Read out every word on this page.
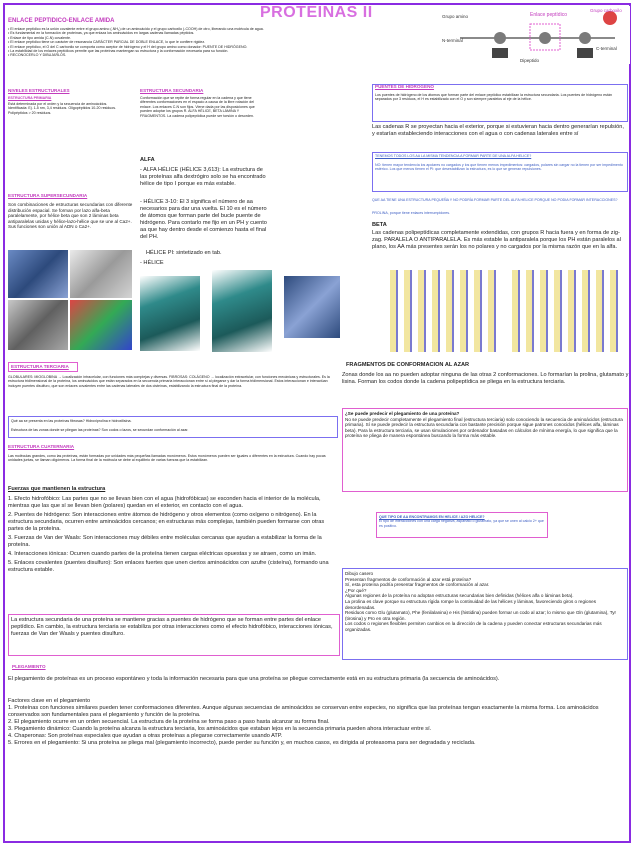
PROTEINAS II
ENLACE PEPTIDICO-ENLACE AMIDA
• El enlace peptídico es la unión covalente entre el grupo amino (-NH₂) de un aminoácido y el grupo carboxilo (-COOH) de otro, liberando una molécula de agua.
• Es fundamental en la formación de proteínas, ya que enlaza los aminoácidos en largas cadenas llamadas péptidos.
• Enlace de tipo amida (C-N) covalente.
• El enlace peptídico tiene un carácter de resonancia CARÁCTER PARCIAL DE DOBLE ENLACE, lo que le confiere rigidez.
• El enlace peptídico, el O del C carbonilo se comporta como aceptor de hidrógeno y el H del grupo amino como donador: PUENTE DE HIDRÓGENO.
• La estabilidad de los enlaces peptídicos permite que las proteínas mantengan su estructura y la conformación necesaria para su función.
• RECONOCERLO Y DIBUJARLOS.
Enlace peptídico
Grupo carboxilo
Grupo amino
N-terminal
C-terminal
Dipeptido
NIVELES ESTRUCTURALES
ESTRUCTURA PRIMARIA
Está determinada por el orden y la secuencia de aminoácidos. Identificada: Ej. 1-5 nm, 3,4 residuos. Oligopéptidos 10-20 residuos. Polipéptidos > 20 residuos.
ESTRUCTURA SUPERSECUNDARIA
Son combinaciones de estructuras secundarias con diferente distribución espacial. Se forman por lazo alfa-beta paralelamente, por hélice beta que son 2 láminas beta antiparalelas unidas y hélice-lazo-hélice que se une al Ca2+. Sus funciones son unión al ADN o Ca2+.
ESTRUCTURA SECUNDARIA
Conformación que se repite de forma regular en la cadena y que tiene diferentes conformaciones en el espacio a causa de la libre rotación del enlace. Los enlaces C-N son fijos. Viene dada por las disposiciones que pueden adoptar los grupos R. ALFA HÉLICE, BETA LÁMINA Y FRAGMENTOS. La cadena polipeptídica puede ser torsión o desorden.
ALFA
- ALFA HÉLICE (HÉLICE 3,613): La estructura de las proteínas alfa dextrógiro solo se ha encontrado hélice de tipo I porque es más estable.
- HÉLICE 3-10: El 3 significa el número de aa necesarios para dar una vuelta. El 10 es el número de átomos que forman parte del bucle puente de hidrógeno. Para contarlo me fijo en un PH y cuento aa que hay dentro desde el comienzo hasta el final del PH.
HÉLICE PI: sintetizado en tab.
- HÉLICE
PUENTES DE HIDROGENO
Los puentes de hidrógeno de los átomos que forman parte del enlace peptídico estabilizan la estructura secundaria. Los puentes de hidrógeno están separados por 3 residuos, el H es estabilizado con el O y son siempre paralelos al eje de la hélice.
Las cadenas R se proyectan hacia el exterior, porque si estuvieran hacia dentro generarían repulsión, y estarían estableciendo interacciones con el agua o con cadenas laterales entre sí
TENEMOS TODOS LOS AA LA MISMA TENDENCIA A FORMAR PARTE DE UNA ALFA HELICE?
NO: tienen mayor tendencia los apolares no cargados y los que tienen menos impedimentos: cargados, polares sin cargar no la tienen por ser impedimento estérico. Los que menos tienen el PI: que desestabilizan la estructura, es lo que se generan repulsiones.
QUE AA TIENE UNA ESTRUCTURA PEQUEÑA Y NO PODRÍA FORMAR PARTE DEL ALFA HELICE PORQUE NO PODIA FORMAR INTERACCIONES?
PROLINA, porque tiene enlaces interrumpidores.
BETA
Las cadenas polipeptídicas completamente extendidas, con grupos R hacia fuera y en forma de zig-zag. PARALELA O ANTIPARALELA. Es más estable la antiparalela porque los PH están paralelos al plano, los AA más presentes serán los no polares y no cargados por la misma razón que en la alfa.
ESTRUCTURA TERCIARIA
GLOBULARES: MIOGLOBINA → Localización intracelular, con funciones más complejas y diversas. FIBROSAS: COLÁGENO → localización extracelular, con funciones mecánicas y estructurales. Es la estructura tridimensional de la proteína, los aminoácidos que están separados en la secuencia primaria interaccionan entre sí al plegarse y dar la forma tridimensional. Estos interaccionan e interactúan incluyen puentes disulfuro, que son enlaces covalentes entre las cadenas laterales de dos cisteínas, estabilizando la estructura final de la proteína.
Qué aa se presenta en las proteínas fibrosas? Hidroxiprolina e hidroxilisina.
Estructura de las zonas donde se pliegan las proteínas? Son codos o lazos, se secundan conformación al azar.
FRAGMENTOS DE CONFORMACION AL AZAR
Zonas donde los aa no pueden adoptar ninguna de las otras 2 conformaciones. Lo formarían la prolina, glutamato y lisina. Forman los codos donde la cadena polipeptídica se pliega en la estructura terciaria.
ESTRUCTURA CUATERNARIA
Las moléculas grandes, como las proteínas, están formadas por unidades más pequeñas llamadas monómeros. Estos monómeros pueden ser iguales o diferentes en la estructura. Cuando hay pocas unidades juntas, se llaman oligómeros. La forma final de la molécula se debe al equilibrio de varias fuerzas que la estabilizan.
Fuerzas que mantienen la estructura

1. Efecto hidrofóbico: Las partes que no se llevan bien con el agua (hidrofóbicas) se esconden hacia el interior de la molécula, mientras que las que sí se llevan bien (polares) quedan en el exterior, en contacto con el agua.

2. Puentes de hidrógeno: Son interacciones entre átomos de hidrógeno y otros elementos (como oxígeno o nitrógeno). En la estructura secundaria, ocurren entre aminoácidos cercanos; en estructuras más complejas, también pueden formarse con otras partes de la proteína.

3. Fuerzas de Van der Waals: Son interacciones muy débiles entre moléculas cercanas que ayudan a estabilizar la forma de la proteína.

4. Interacciones iónicas: Ocurren cuando partes de la proteína tienen cargas eléctricas opuestas y se atraen, como un imán.

5. Enlaces covalentes (puentes disulfuro): Son enlaces fuertes que unen ciertos aminoácidos con azufre (cisteína), formando una estructura estable.

La estructura secundaria de una proteína se mantiene gracias a puentes de hidrógeno que se forman entre partes del enlace peptídico. En cambio, la estructura terciaria se estabiliza por otras interacciones como el efecto hidrofóbico, interacciones iónicas, fuerzas de Van der Waals y puentes disulfuro.
¿Se puede predecir el plegamiento de una proteína?
No se puede predecir completamente el plegamiento final (estructura terciaria) solo conociendo la secuencia de aminoácidos (estructura primaria). Sí se puede predecir la estructura secundaria con bastante precisión porque sigue patrones conocidos (hélices alfa, láminas beta). Para la estructura terciaria, se usan simulaciones por ordenador basadas en cálculos de mínima energía, lo que significa que la proteína se pliega de manera espontánea buscando la forma más estable.
QUE TIPO DE AA ENCONTRAMOS EN HELICE / AZO HELICE?
El tipo de interacciones con una carga negativa, aspartato o glutamato, ya que se unen al calcio 2+ que es positivo.
Dibujo casero
Presentan fragmentos de conformación al azar está proteína?
Sí, esta proteína podría presentar fragmentos de conformación al azar.
¿Por qué?
Algunas regiones de la proteína no adoptan estructuras secundarias bien definidas (hélices alfa o láminas beta).
La prolina es clave porque su estructura rígida rompe la continuidad de las hélices y láminas, favoreciendo giros o regiones desordenadas.
Residuos como Glu (glutamato), Phe (fenilalanina) e His (histidina) pueden formar un codo al azar; lo mismo que Gln (glutamina), Tyr (tirosina) y Pro en otra región.
Los codos o regiones flexibles permiten cambios en la dirección de la cadena y pueden conectar estructuras secundarias más organizadas.
PLEGAMIENTO
El plegamiento de proteínas es un proceso espontáneo y toda la información necesaria para que una proteína se pliegue correctamente está en su estructura primaria (la secuencia de aminoácidos).
Factores clave en el plegamiento
1. Proteínas con funciones similares pueden tener conformaciones diferentes. Aunque algunas secuencias de aminoácidos se conservan entre especies, no significa que las proteínas tengan exactamente la misma forma. Los aminoácidos conservados son fundamentales para el plegamiento y función de la proteína.
2. El plegamiento ocurre en un orden secuencial. La estructura de la proteína se forma paso a paso hasta alcanzar su forma final.
3. Plegamiento dinámico: Cuando la proteína alcanza la estructura terciaria, los aminoácidos que estaban lejos en la secuencia primaria pueden ahora interactuar entre sí.
4. Chaperonas: Son proteínas especiales que ayudan a otras proteínas a plegarse correctamente usando ATP.
5. Errores en el plegamiento: Si una proteína se pliega mal (plegamiento incorrecto), puede perder su función y, en muchos casos, es dirigida al proteasoma para ser degradada y reciclada.
